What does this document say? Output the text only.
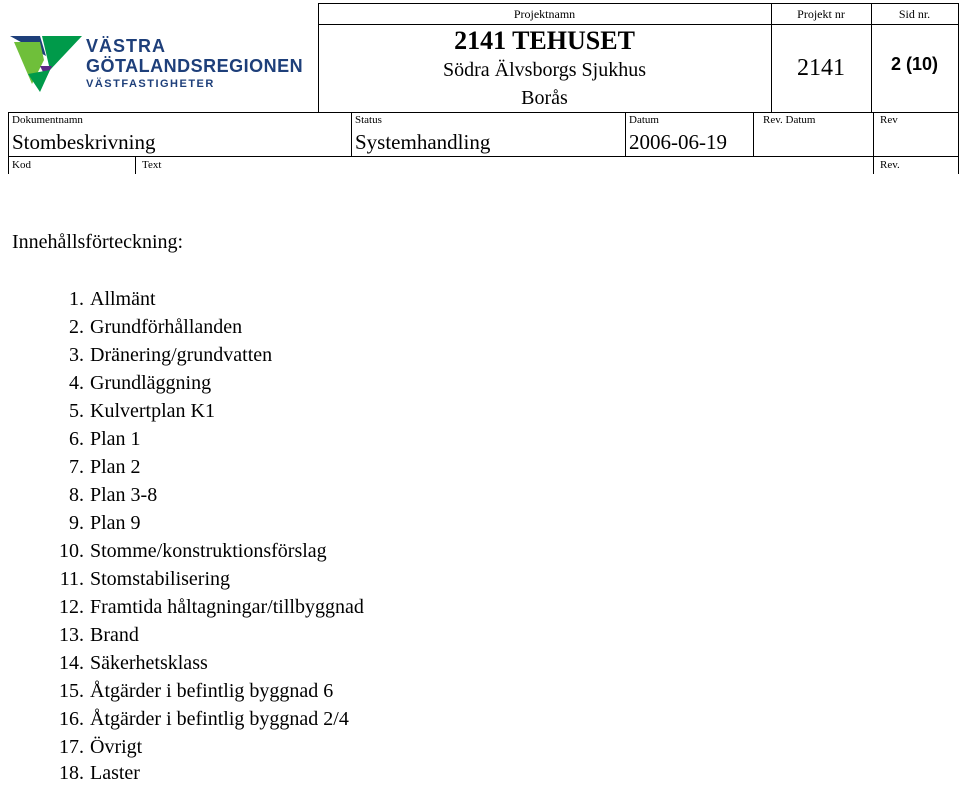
VÄSTRA
GÖTALANDSREGIONEN
VÄSTFASTIGHETER
Projektnamn	Projekt nr	Sid nr.
2141 TEHUSET
Södra Älvsborgs Sjukhus
Borås
2141	2 (10)
Dokumentnamn	Status	Datum	Rev. Datum	Rev
Stombeskrivning	Systemhandling	2006-06-19
Kod	Text	Rev.
Innehållsförteckning:
1. Allmänt
2. Grundförhållanden
3. Dränering/grundvatten
4. Grundläggning
5. Kulvertplan K1
6. Plan 1
7. Plan 2
8. Plan 3-8
9. Plan 9
10. Stomme/konstruktionsförslag
11. Stomstabilisering
12. Framtida håltagningar/tillbyggnad
13. Brand
14. Säkerhetsklass
15. Åtgärder i befintlig byggnad 6
16. Åtgärder i befintlig byggnad 2/4
17. Övrigt
18. Laster
